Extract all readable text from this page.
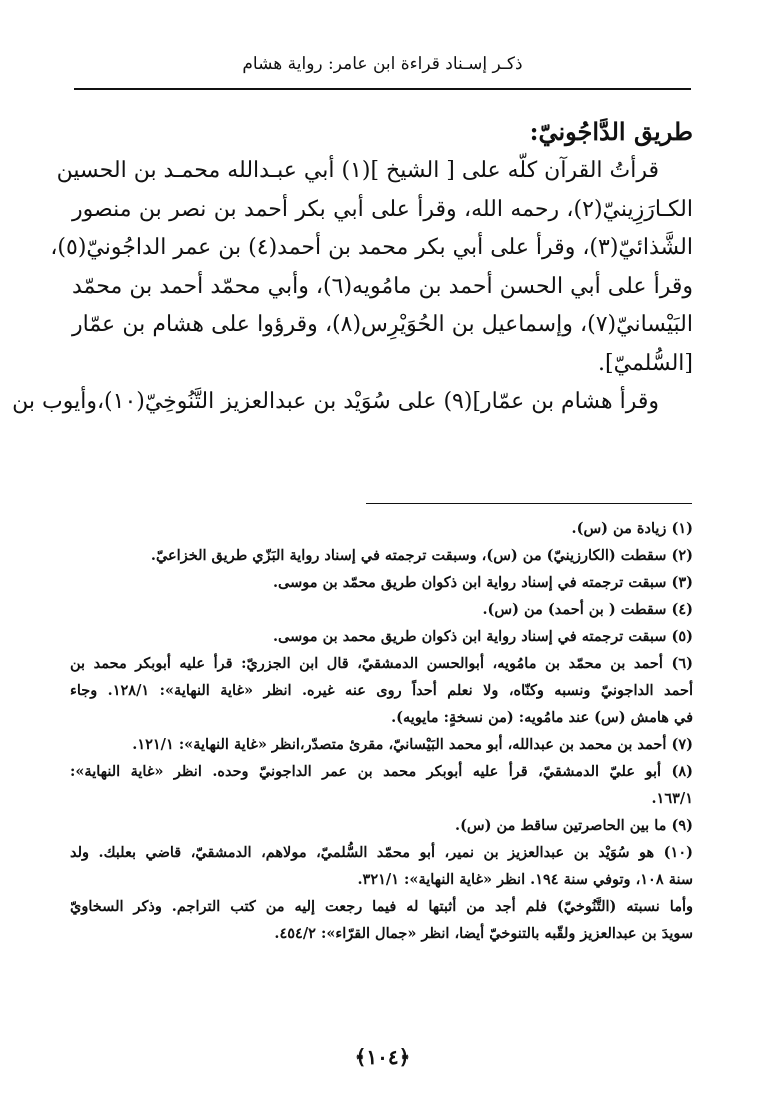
ذكـر إسـناد قراءة ابن عامر: رواية هشام

طريق الدَّاجُونيّ:

قرأتُ القرآن كلّه على [ الشيخ ](١) أبي عبـدالله محمـد بن الحسين

الكـارَزِينيّ(٢)، رحمه الله، وقرأ على أبي بكر أحمد بن نصر بن منصور

الشَّذائيّ(٣)، وقرأ على أبي بكر محمد بن أحمد(٤) بن عمر الداجُونيّ(٥)،

وقرأ على أبي الحسن أحمد بن مامُويه(٦)، وأبي محمّد أحمد بن محمّد

البَيْسانيّ(٧)، وإسماعيل بن الحُوَيْرِس(٨)، وقرؤوا على هشام بن عمّار

[السُّلميّ].

وقرأ هشام بن عمّار](٩) على سُوَيْد بن عبدالعزيز التَّنُوخِيّ(١٠)،وأيوب بن

(١) زيادة من (س).

(٢) سقطت (الكارزينيّ) من (س)، وسبقت ترجمته في إسناد رواية البَزّي طريق الخزاعيّ.

(٣) سبقت ترجمته في إسناد رواية ابن ذكوان طريق محمّد بن موسى.

(٤) سقطت ( بن أحمد) من (س).

(٥) سبقت ترجمته في إسناد رواية ابن ذكوان طريق محمد بن موسى.

(٦) أحمد بن محمّد بن مامُويه، أبوالحسن الدمشقيّ، قال ابن الجزريّ: قرأ عليه أبوبكر محمد بن

أحمد الداجونيّ ونسبه وكنّاه، ولا نعلم أحداً روى عنه غيره. انظر «غاية النهاية»: ١٢٨/١. وجاء

في هامش (س) عند مامُويه: (من نسخةٍ: مايويه).

(٧) أحمد بن محمد بن عبدالله، أبو محمد البَيْسانيّ، مقرئ متصدّر،انظر «غاية النهاية»: ١٢١/١.

(٨) أبو عليّ الدمشقيّ، قرأ عليه أبوبكر محمد بن عمر الداجونيّ وحده. انظر «غاية النهاية»:

١٦٣/١.

(٩) ما بين الحاصرتين ساقط من (س).

(١٠) هو سُوَيْد بن عبدالعزيز بن نمير، أبو محمّد السُّلميّ، مولاهم، الدمشقيّ، قاضي بعلبك. ولد

سنة ١٠٨، وتوفي سنة ١٩٤. انظر «غاية النهاية»: ٣٢١/١.

وأما نسبته (التَّنُوخيّ) فلم أجد من أثبتها له فيما رجعت إليه من كتب التراجم. وذكر السخاويّ

سويدَ بن عبدالعزيز ولقّبه بالتنوخيّ أيضا، انظر «جمال القرّاء»: ٤٥٤/٢.

﴿١٠٤﴾
